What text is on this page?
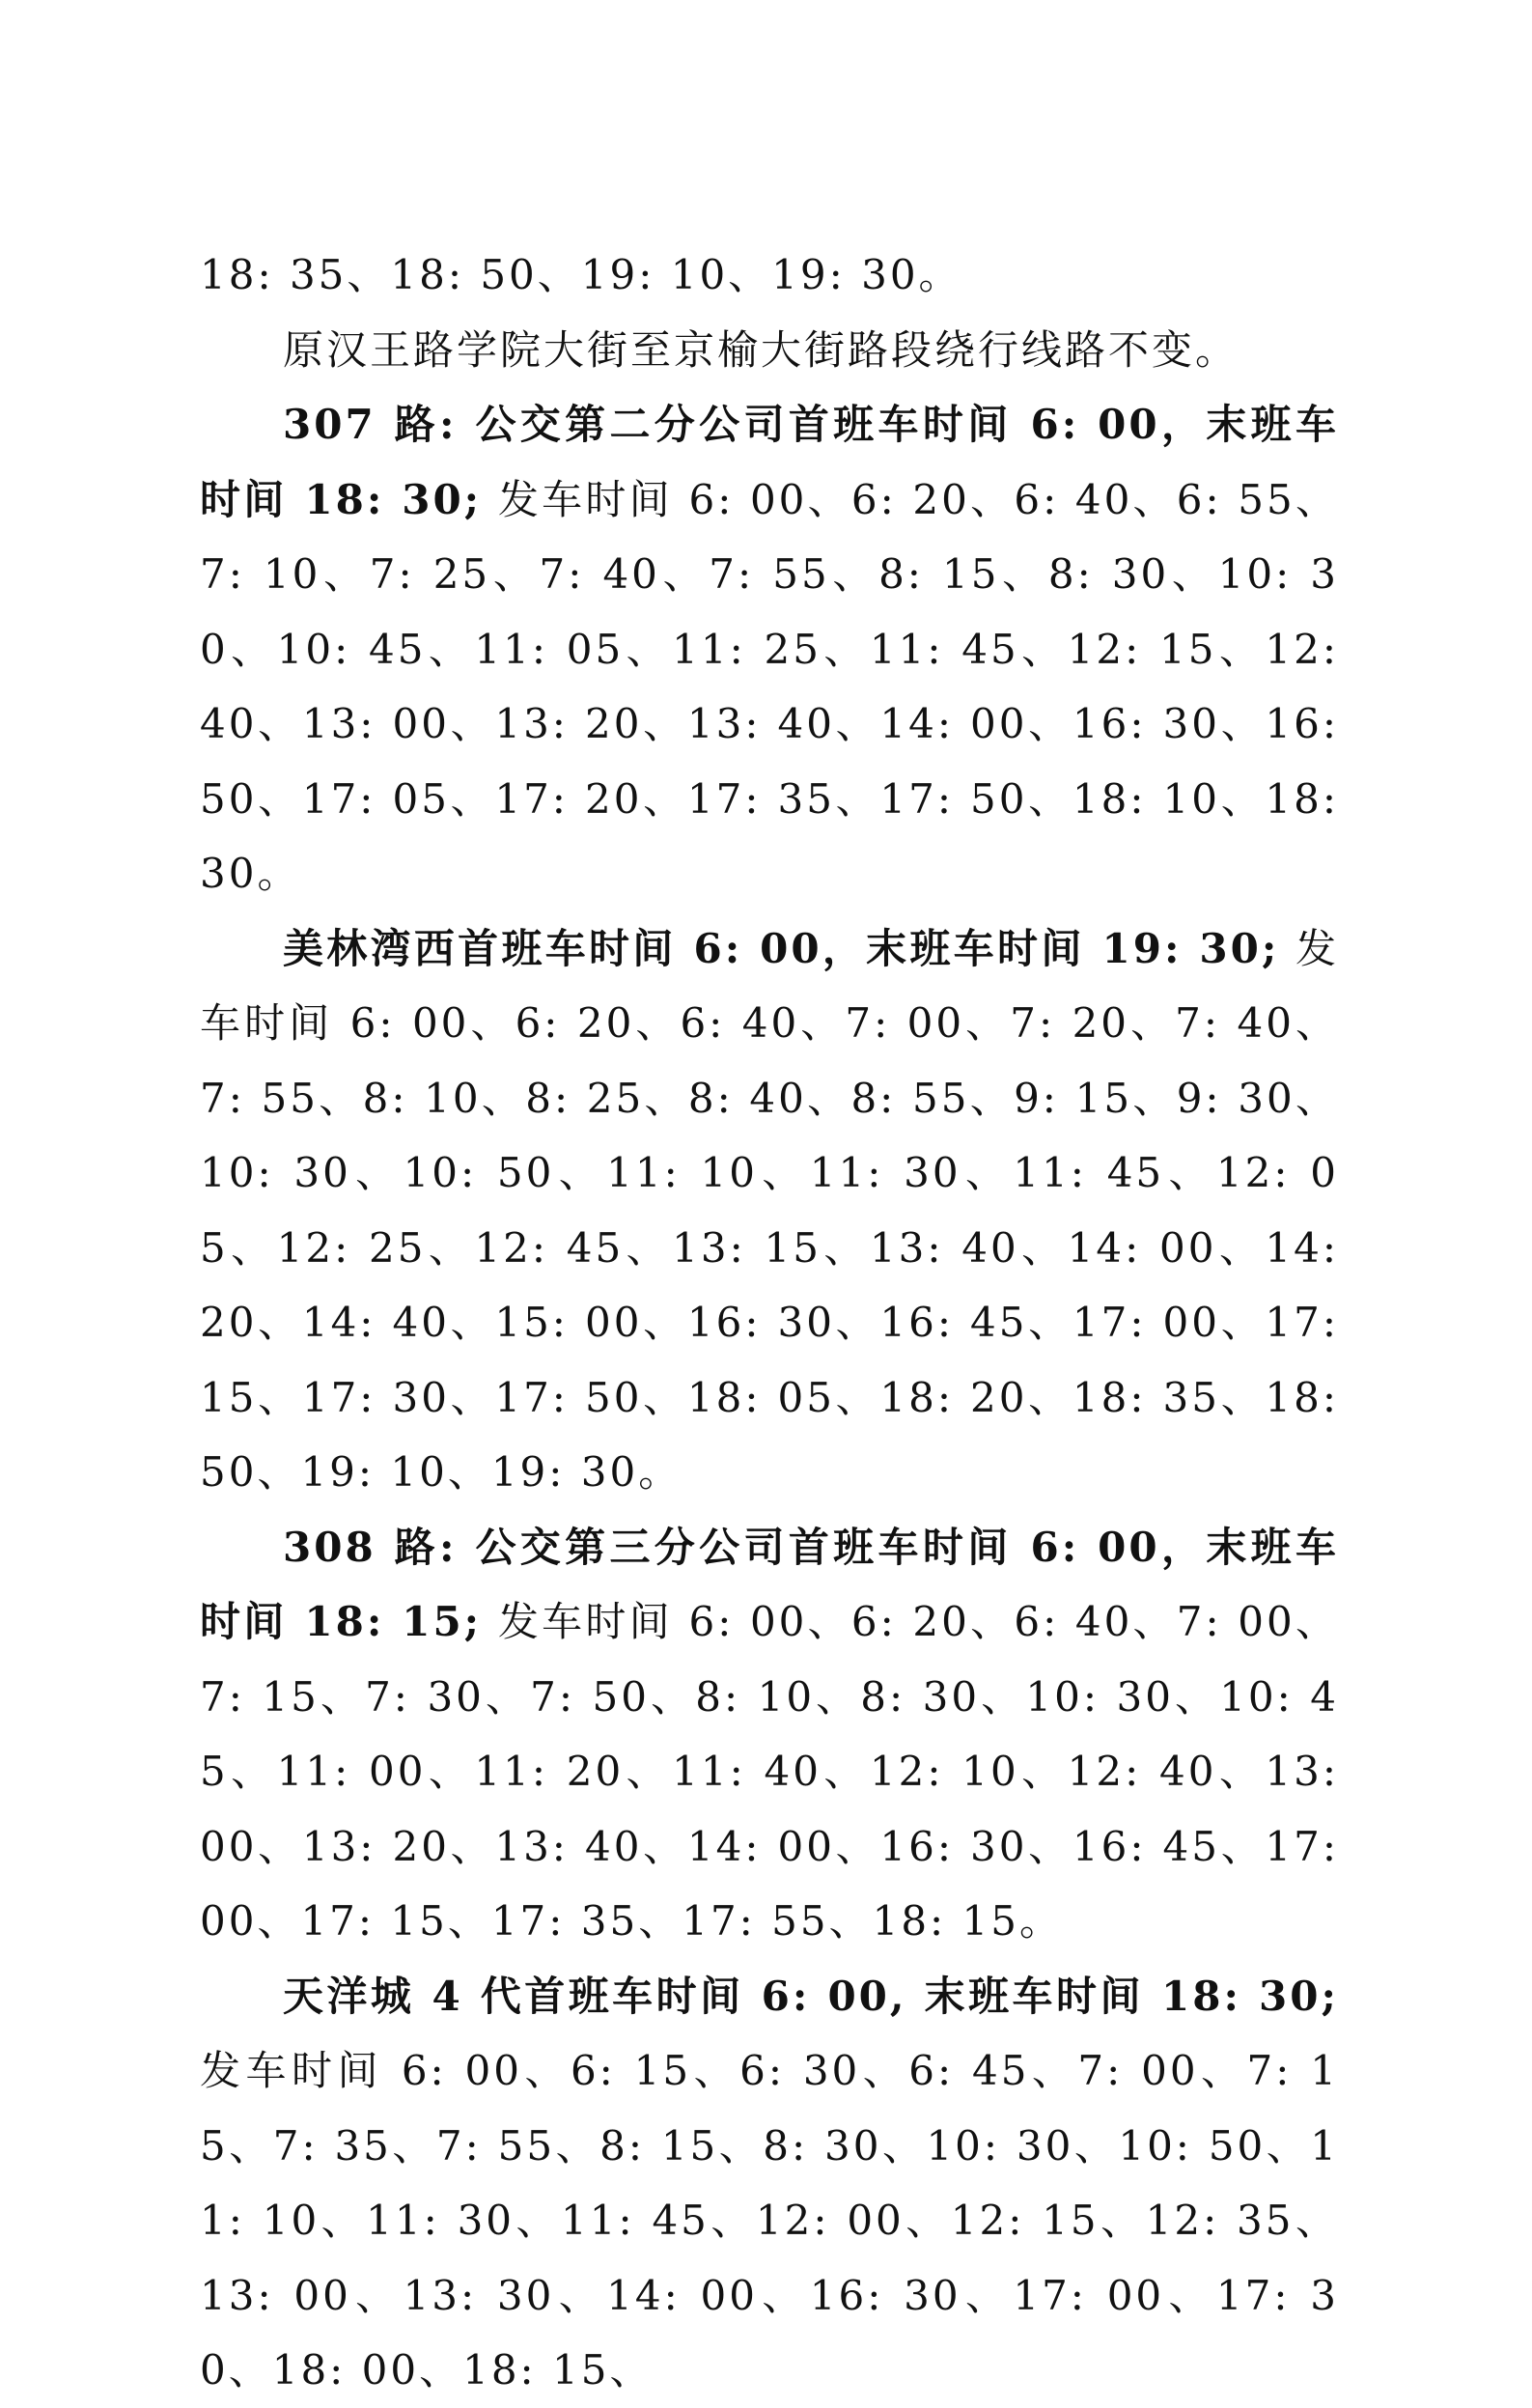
18: 35、18: 50、19: 10、19: 30。

原汉王路学院大街至京榆大街路段绕行线路不变。

307 路: 公交第二分公司首班车时间 6: 00，末班车时间 18: 30; 发车时间 6: 00、6: 20、6: 40、6: 55、7: 10、7: 25、7: 40、7: 55、8: 15、8: 30、10: 30、10: 45、11: 05、11: 25、11: 45、12: 15、12: 40、13: 00、13: 20、13: 40、14: 00、16: 30、16: 50、17: 05、17: 20、17: 35、17: 50、18: 10、18: 30。

美林湾西首班车时间 6: 00，末班车时间 19: 30; 发车时间 6: 00、6: 20、6: 40、7: 00、7: 20、7: 40、7: 55、8: 10、8: 25、8: 40、8: 55、9: 15、9: 30、10: 30、10: 50、11: 10、11: 30、11: 45、12: 05、12: 25、12: 45、13: 15、13: 40、14: 00、14: 20、14: 40、15: 00、16: 30、16: 45、17: 00、17: 15、17: 30、17: 50、18: 05、18: 20、18: 35、18: 50、19: 10、19: 30。

308 路: 公交第三分公司首班车时间 6: 00，末班车时间 18: 15; 发车时间 6: 00、6: 20、6: 40、7: 00、7: 15、7: 30、7: 50、8: 10、8: 30、10: 30、10: 45、11: 00、11: 20、11: 40、12: 10、12: 40、13: 00、13: 20、13: 40、14: 00、16: 30、16: 45、17: 00、17: 15、17: 35、17: 55、18: 15。

天洋城 4 代首班车时间 6: 00, 末班车时间 18: 30; 发车时间 6: 00、6: 15、6: 30、6: 45、7: 00、7: 15、7: 35、7: 55、8: 15、8: 30、10: 30、10: 50、11: 10、11: 30、11: 45、12: 00、12: 15、12: 35、13: 00、13: 30、14: 00、16: 30、17: 00、17: 30、18: 00、18: 15、
